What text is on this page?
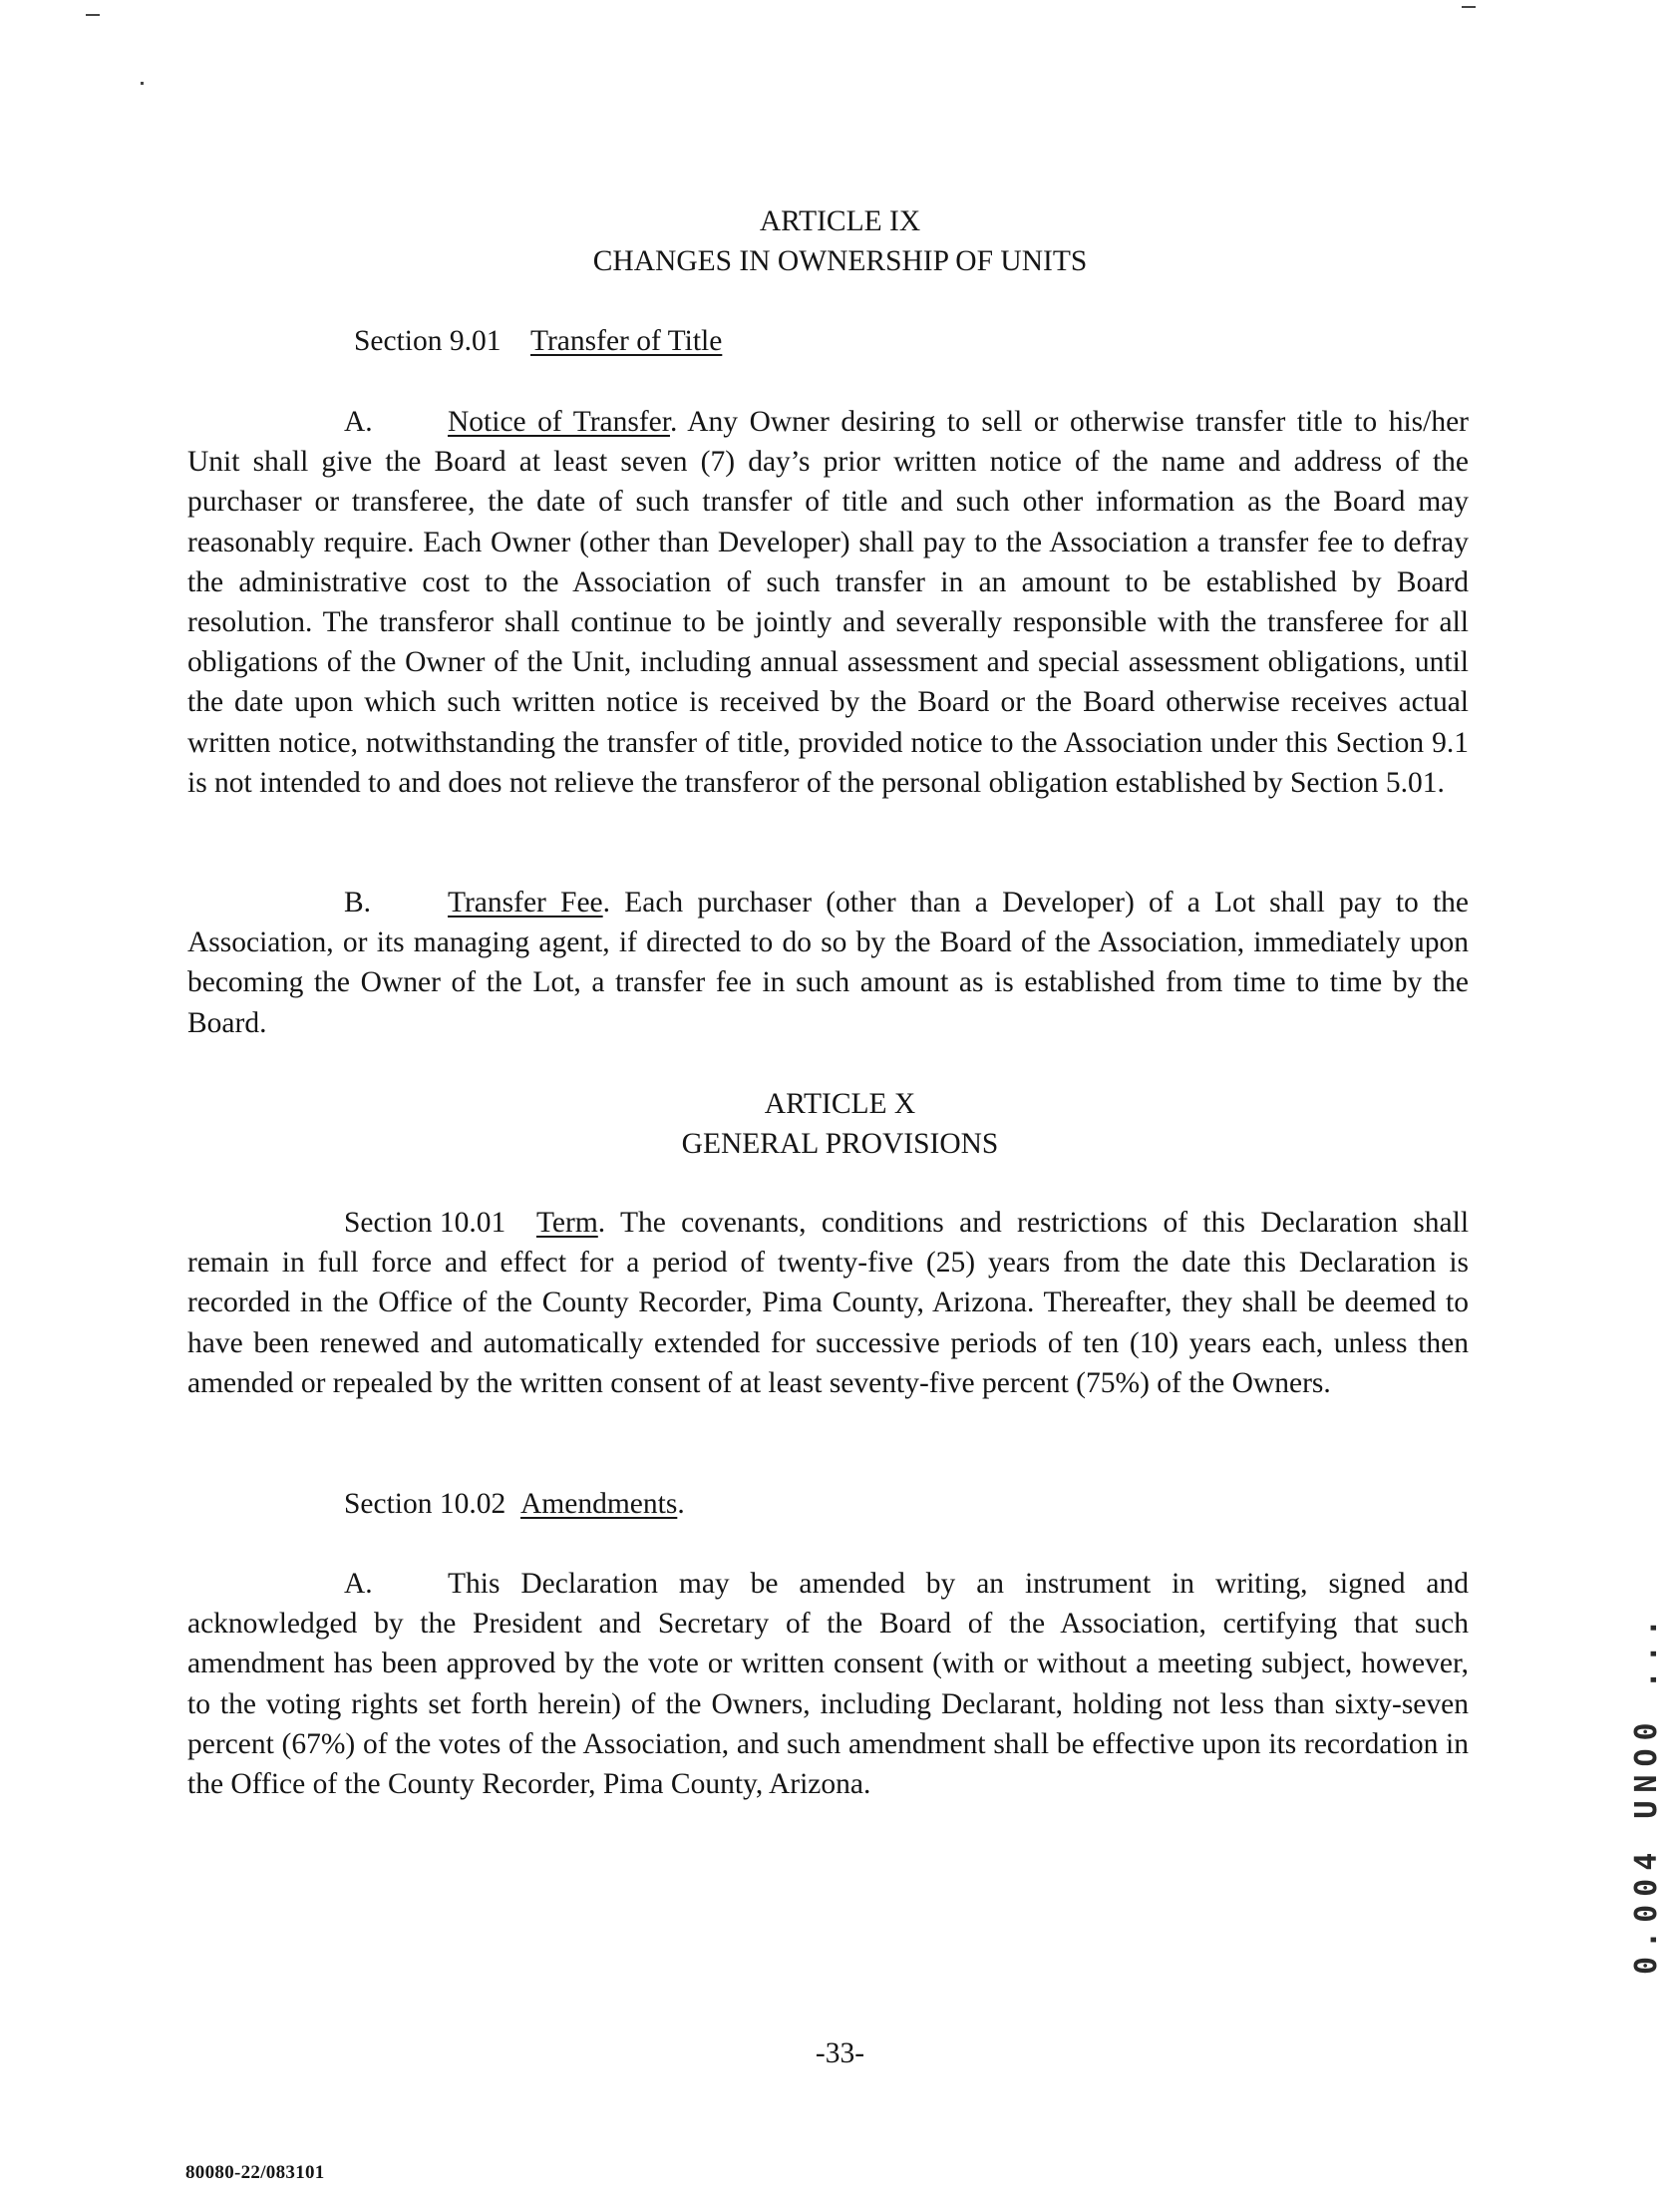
ARTICLE IX
CHANGES IN OWNERSHIP OF UNITS
Section 9.01 Transfer of Title
A.	Notice of Transfer. Any Owner desiring to sell or otherwise transfer title to his/her Unit shall give the Board at least seven (7) day’s prior written notice of the name and address of the purchaser or transferee, the date of such transfer of title and such other information as the Board may reasonably require. Each Owner (other than Developer) shall pay to the Association a transfer fee to defray the administrative cost to the Association of such transfer in an amount to be established by Board resolution. The transferor shall continue to be jointly and severally responsible with the transferee for all obligations of the Owner of the Unit, including annual assessment and special assessment obligations, until the date upon which such written notice is received by the Board or the Board otherwise receives actual written notice, notwithstanding the transfer of title, provided notice to the Association under this Section 9.1 is not intended to and does not relieve the transferor of the personal obligation established by Section 5.01.
B.	Transfer Fee. Each purchaser (other than a Developer) of a Lot shall pay to the Association, or its managing agent, if directed to do so by the Board of the Association, immediately upon becoming the Owner of the Lot, a transfer fee in such amount as is established from time to time by the Board.
ARTICLE X
GENERAL PROVISIONS
Section 10.01 Term. The covenants, conditions and restrictions of this Declaration shall remain in full force and effect for a period of twenty-five (25) years from the date this Declaration is recorded in the Office of the County Recorder, Pima County, Arizona. Thereafter, they shall be deemed to have been renewed and automatically extended for successive periods of ten (10) years each, unless then amended or repealed by the written consent of at least seventy-five percent (75%) of the Owners.
Section 10.02 Amendments.
A.	This Declaration may be amended by an instrument in writing, signed and acknowledged by the President and Secretary of the Board of the Association, certifying that such amendment has been approved by the vote or written consent (with or without a meeting subject, however, to the voting rights set forth herein) of the Owners, including Declarant, holding not less than sixty-seven percent (67%) of the votes of the Association, and such amendment shall be effective upon its recordation in the Office of the County Recorder, Pima County, Arizona.	0.004 UNO0 ...
-33-
80080-22/083101
